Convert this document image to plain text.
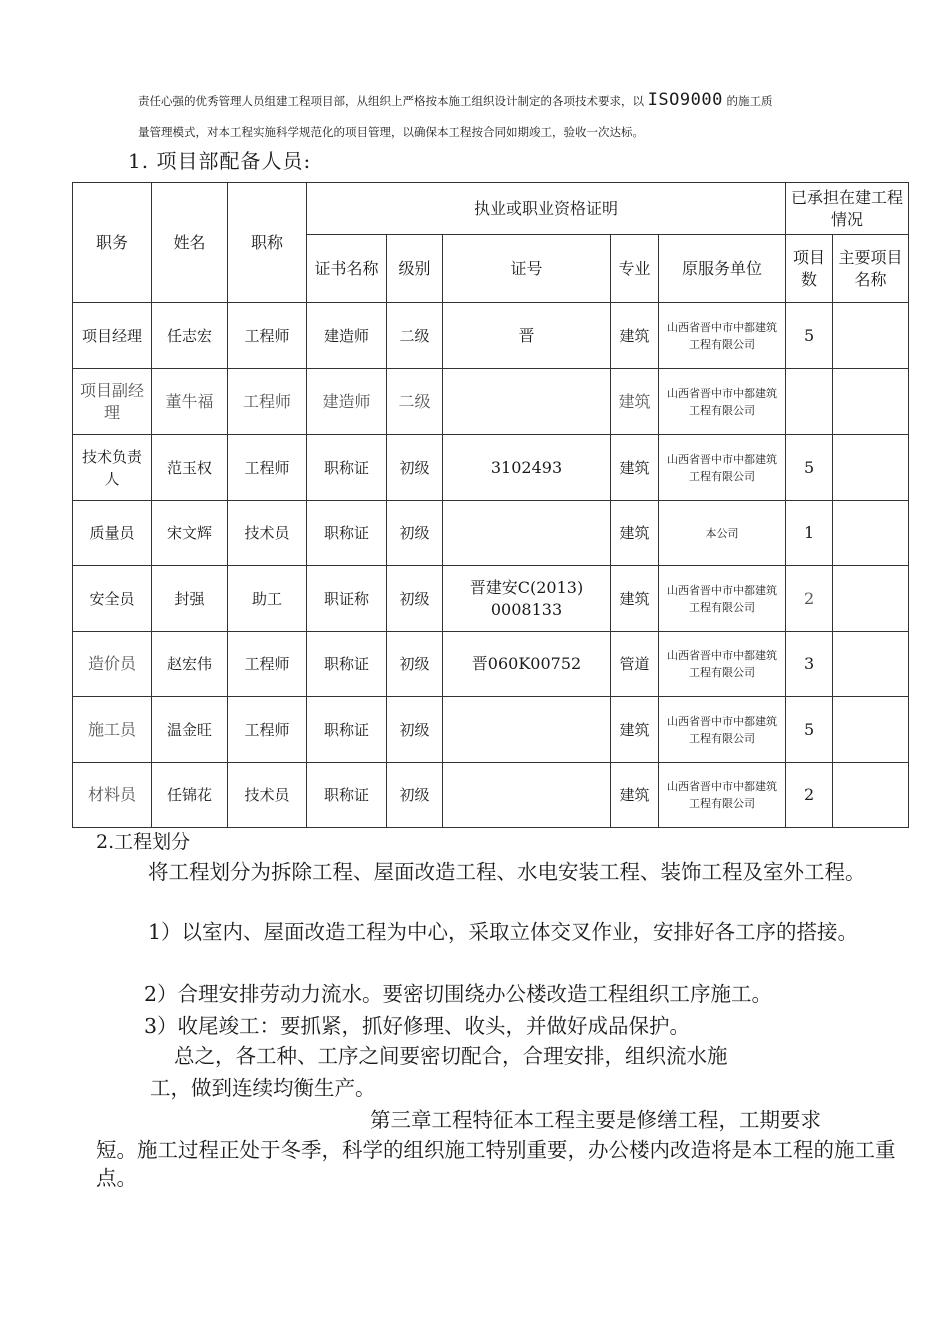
责任心强的优秀管理人员组建工程项目部，从组织上严格按本施工组织设计制定的各项技术要求，以 ISO9000 的施工质
量管理模式，对本工程实施科学规范化的项目管理，以确保本工程按合同如期竣工，验收一次达标。
1. 项目部配备人员:
职务	姓名	职称	执业或职业资格证明					已承担在建工程情况	
			证书名称	级别	证号	专业	原服务单位	项目数	主要项目名称
项目经理	任志宏	工程师	建造师	二级	晋	建筑	山西省晋中市中都建筑工程有限公司	5	
项目副经理	董牛福	工程师	建造师	二级		建筑	山西省晋中市中都建筑工程有限公司		
技术负责人	范玉权	工程师	职称证	初级	3102493	建筑	山西省晋中市中都建筑工程有限公司	5	
质量员	宋文辉	技术员	职称证	初级		建筑	本公司	1	
安全员	封强	助工	职证称	初级	晋建安C(2013) 0008133	建筑	山西省晋中市中都建筑工程有限公司	2	
造价员	赵宏伟	工程师	职称证	初级	晋060K00752	管道	山西省晋中市中都建筑工程有限公司	3	
施工员	温金旺	工程师	职称证	初级		建筑	山西省晋中市中都建筑工程有限公司	5	
材料员	任锦花	技术员	职称证	初级		建筑	山西省晋中市中都建筑工程有限公司	2	
2.工程划分
将工程划分为拆除工程、屋面改造工程、水电安装工程、装饰工程及室外工程。
1）以室内、屋面改造工程为中心，采取立体交叉作业，安排好各工序的搭接。
2）合理安排劳动力流水。要密切围绕办公楼改造工程组织工序施工。
3）收尾竣工：要抓紧，抓好修理、收头，并做好成品保护。
总之，各工种、工序之间要密切配合，合理安排，组织流水施
工，做到连续均衡生产。
第三章工程特征本工程主要是修缮工程，工期要求
短。施工过程正处于冬季，科学的组织施工特别重要，办公楼内改造将是本工程的施工重点。
